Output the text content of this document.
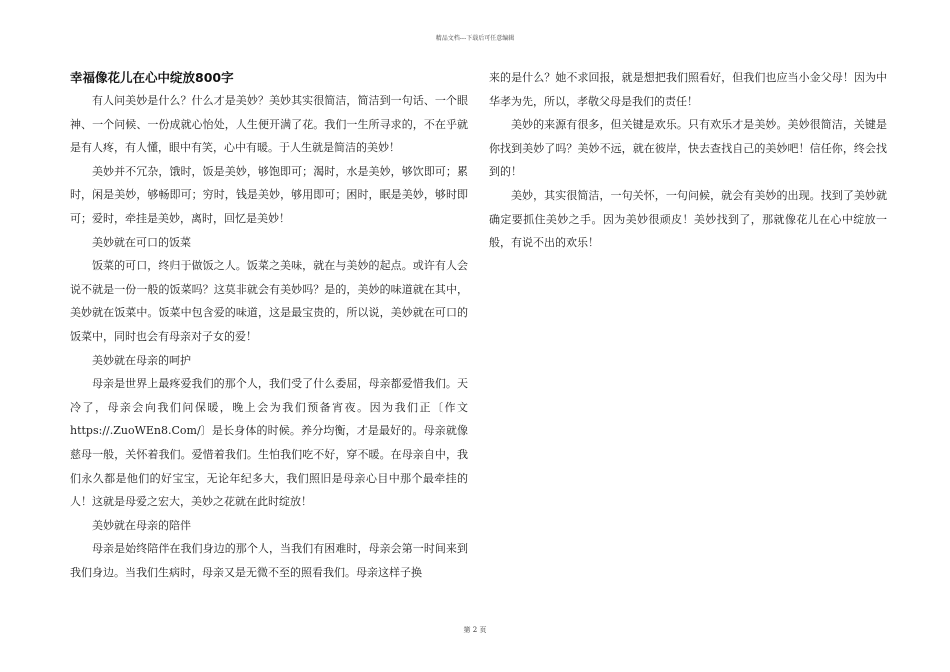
精品文档---下载后可任意编辑
幸福像花儿在心中绽放800字

有人问美妙是什么？什么才是美妙？美妙其实很简洁，简洁到一句话、一个眼神、一个问候、一份成就心怡处，人生便开满了花。我们一生所寻求的，不在乎就是有人疼，有人懂，眼中有笑，心中有暖。于人生就是简洁的美妙！

美妙并不冗杂，饿时，饭是美妙，够饱即可；渴时，水是美妙，够饮即可；累时，闲是美妙，够畅即可；穷时，钱是美妙，够用即可；困时，眠是美妙，够时即可；爱时，牵挂是美妙，离时，回忆是美妙！

美妙就在可口的饭菜

饭菜的可口，终归于做饭之人。饭菜之美味，就在与美妙的起点。或许有人会说不就是一份一般的饭菜吗？这莫非就会有美妙吗？是的，美妙的味道就在其中，美妙就在饭菜中。饭菜中包含爱的味道，这是最宝贵的，所以说，美妙就在可口的饭菜中，同时也会有母亲对子女的爱！

美妙就在母亲的呵护

母亲是世界上最疼爱我们的那个人，我们受了什么委屈，母亲都爱惜我们。天冷了，母亲会向我们问保暖，晚上会为我们预备宵夜。因为我们正〔作文https://.ZuoWEn8.Com/〕是长身体的时候。养分均衡，才是最好的。母亲就像慈母一般，关怀着我们。爱惜着我们。生怕我们吃不好，穿不暖。在母亲自中，我们永久都是他们的好宝宝，无论年纪多大，我们照旧是母亲心目中那个最牵挂的人！这就是母爱之宏大，美妙之花就在此时绽放！

美妙就在母亲的陪伴

母亲是始终陪伴在我们身边的那个人，当我们有困难时，母亲会第一时间来到我们身边。当我们生病时，母亲又是无微不至的照看我们。母亲这样子换

来的是什么？她不求回报，就是想把我们照看好，但我们也应当小金父母！因为中华孝为先，所以，孝敬父母是我们的责任！

美妙的来源有很多，但关键是欢乐。只有欢乐才是美妙。美妙很简洁，关键是你找到美妙了吗？美妙不远，就在彼岸，快去查找自己的美妙吧！信任你，终会找到的！

美妙，其实很简洁，一句关怀，一句问候，就会有美妙的出现。找到了美妙就确定要抓住美妙之手。因为美妙很顽皮！美妙找到了，那就像花儿在心中绽放一般，有说不出的欢乐！

第 2 页
